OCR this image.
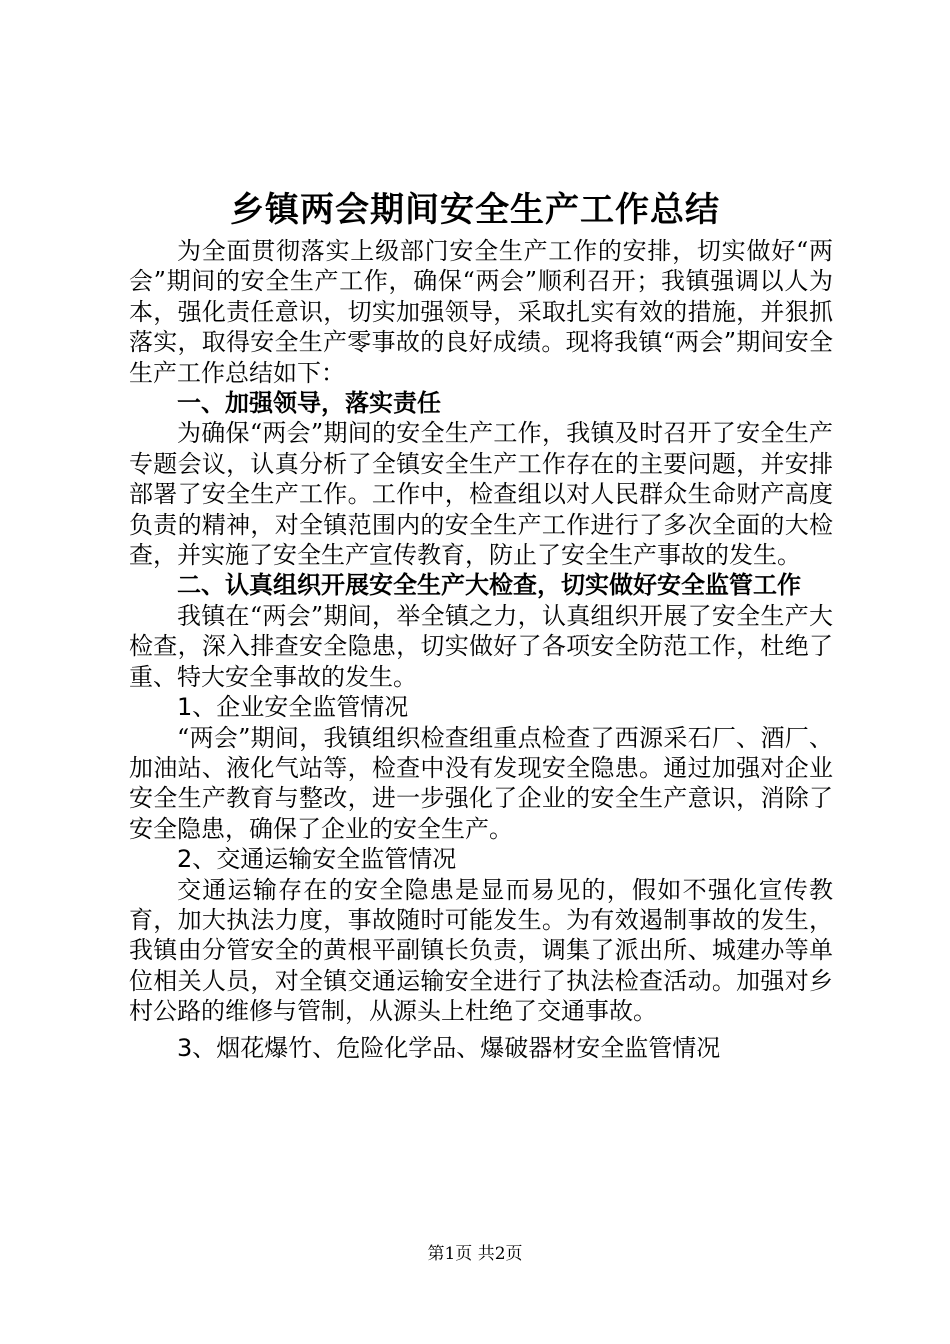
乡镇两会期间安全生产工作总结

为全面贯彻落实上级部门安全生产工作的安排，切实做好“两会”期间的安全生产工作，确保“两会”顺利召开；我镇强调以人为本，强化责任意识，切实加强领导，采取扎实有效的措施，并狠抓落实，取得安全生产零事故的良好成绩。现将我镇“两会”期间安全生产工作总结如下：

一、加强领导，落实责任

为确保“两会”期间的安全生产工作，我镇及时召开了安全生产专题会议，认真分析了全镇安全生产工作存在的主要问题，并安排部署了安全生产工作。工作中，检查组以对人民群众生命财产高度负责的精神，对全镇范围内的安全生产工作进行了多次全面的大检查，并实施了安全生产宣传教育，防止了安全生产事故的发生。

二、认真组织开展安全生产大检查，切实做好安全监管工作

我镇在“两会”期间，举全镇之力，认真组织开展了安全生产大检查，深入排查安全隐患，切实做好了各项安全防范工作，杜绝了重、特大安全事故的发生。

1、企业安全监管情况

“两会”期间，我镇组织检查组重点检查了西源采石厂、酒厂、加油站、液化气站等，检查中没有发现安全隐患。通过加强对企业安全生产教育与整改，进一步强化了企业的安全生产意识，消除了安全隐患，确保了企业的安全生产。

2、交通运输安全监管情况

交通运输存在的安全隐患是显而易见的，假如不强化宣传教育，加大执法力度，事故随时可能发生。为有效遏制事故的发生，我镇由分管安全的黄根平副镇长负责，调集了派出所、城建办等单位相关人员，对全镇交通运输安全进行了执法检查活动。加强对乡村公路的维修与管制，从源头上杜绝了交通事故。

3、烟花爆竹、危险化学品、爆破器材安全监管情况

第1页 共2页
